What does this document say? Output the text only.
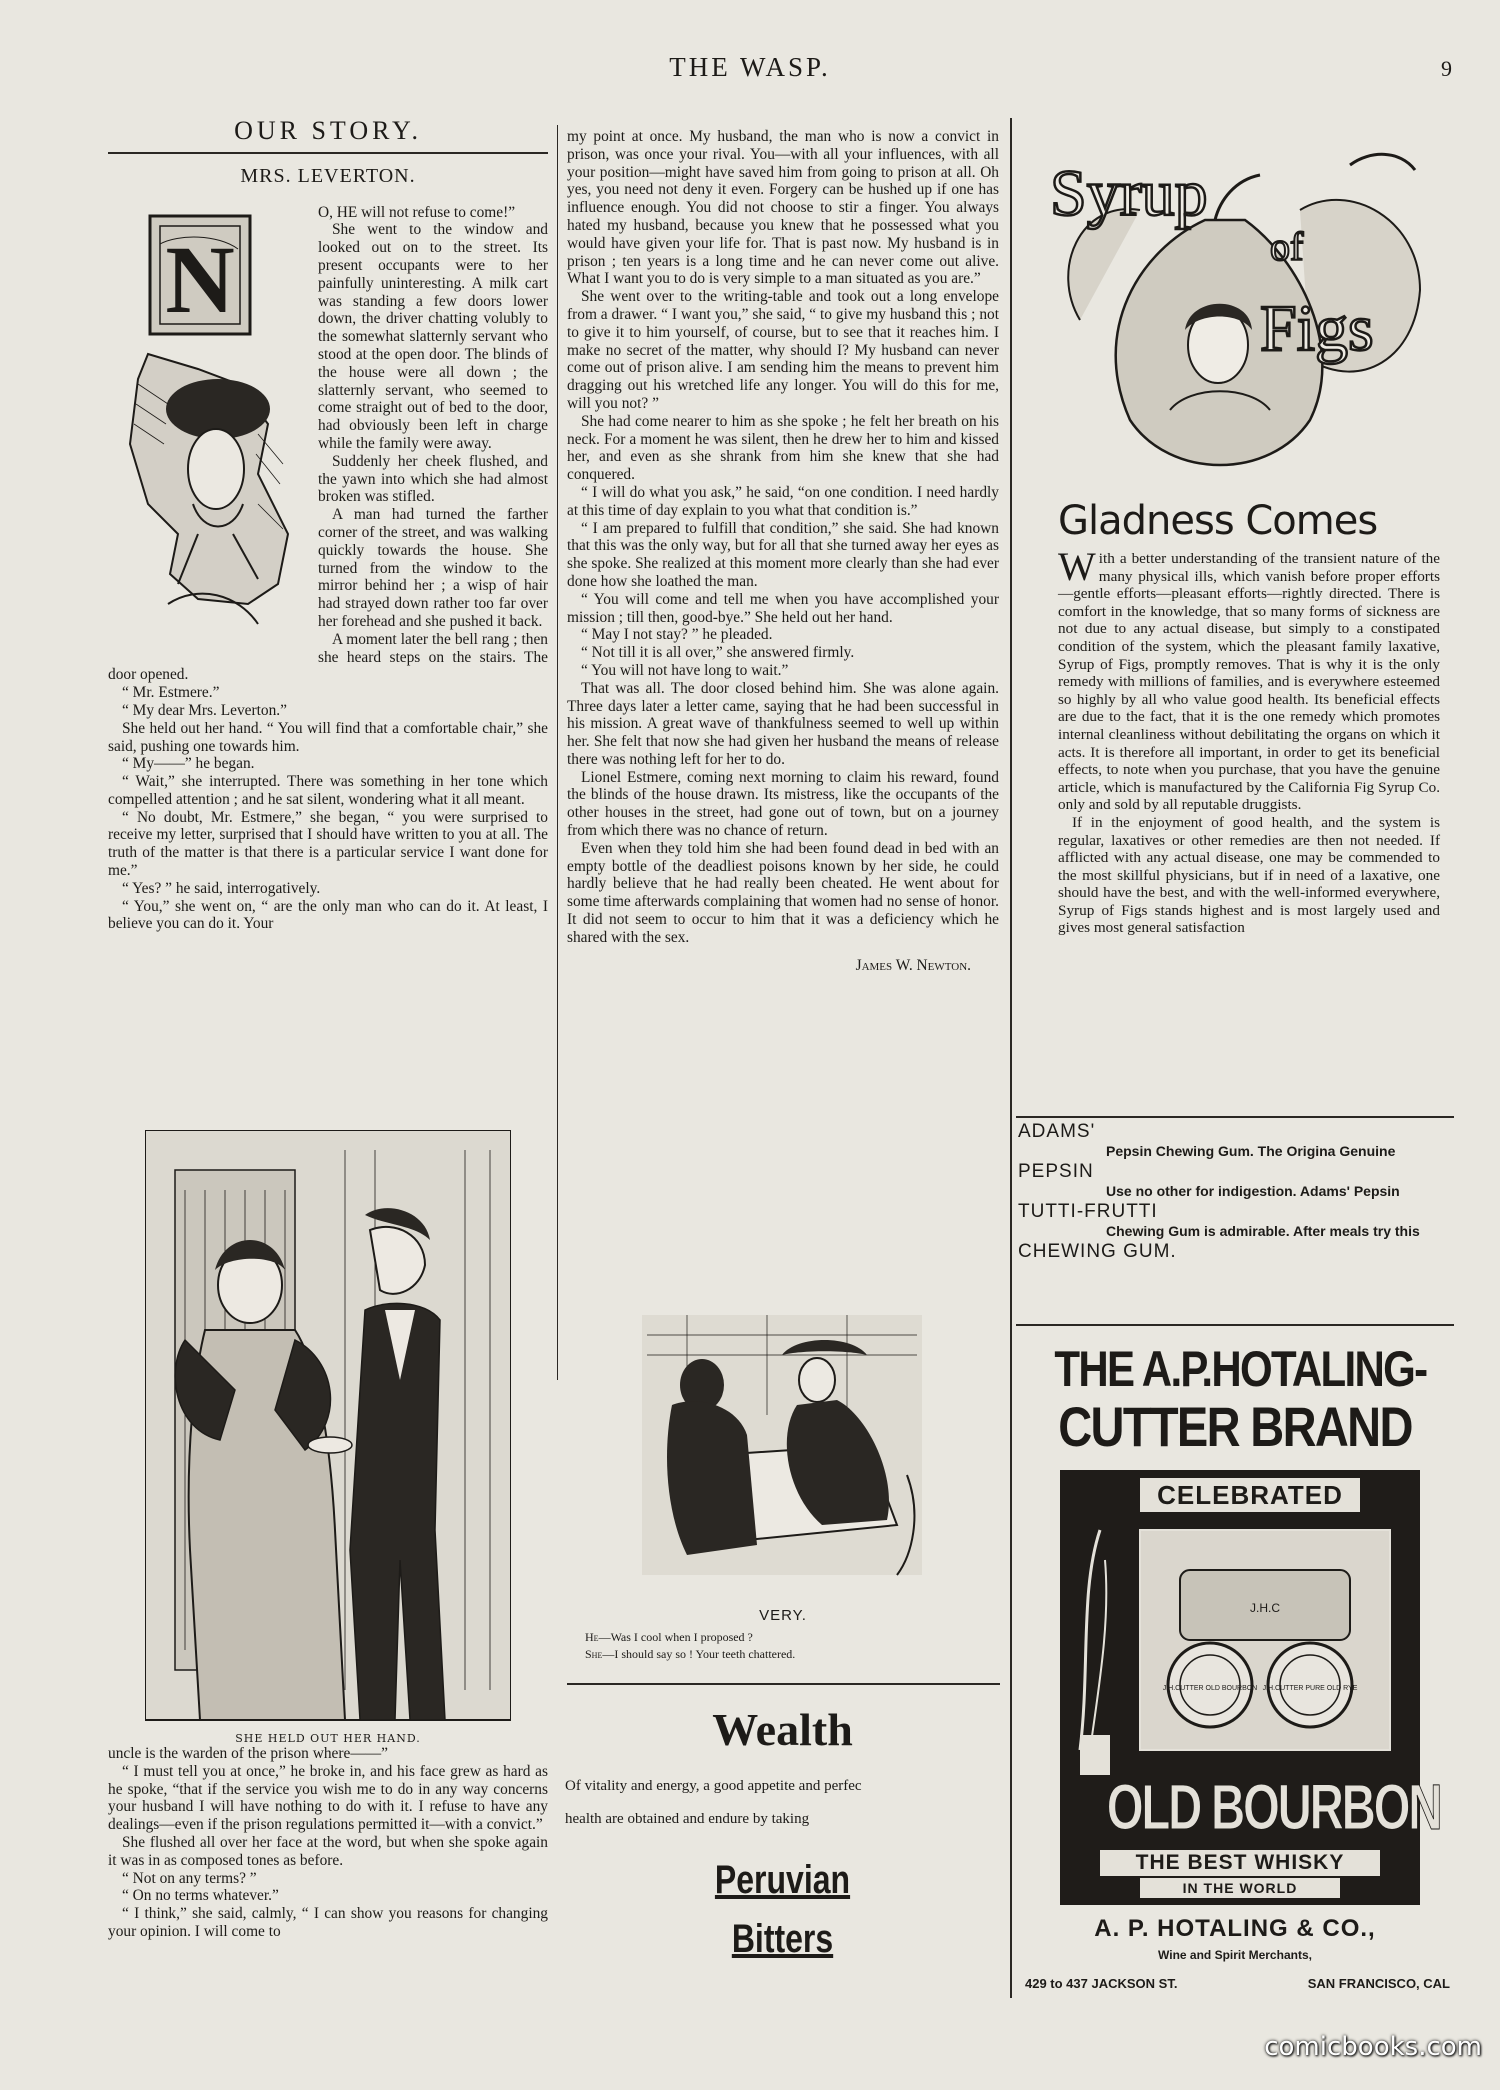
THE WASP.	9
OUR STORY.
MRS. LEVERTON.
N

O, HE will not refuse to come!”

She went to the window and looked out on to the street. Its present occupants were to her painfully uninteresting. A milk cart was standing a few doors lower down, the driver chatting volubly to the somewhat slatternly servant who stood at the open door. The blinds of the house were all down ; the slatternly servant, who seemed to come straight out of bed to the door, had obviously been left in charge while the family were away.

Suddenly her cheek flushed, and the yawn into which she had almost broken was stifled.

A man had turned the farther corner of the street, and was walking quickly towards the house. She turned from the window to the mirror behind her ; a wisp of hair had strayed down rather too far over her forehead and she pushed it back.

A moment later the bell rang ; then she heard steps on the stairs. The door opened.

“ Mr. Estmere.”

“ My dear Mrs. Leverton.”

She held out her hand. “ You will find that a comfortable chair,” she said, pushing one towards him.

“ My——” he began.

“ Wait,” she interrupted. There was something in her tone which compelled attention ; and he sat silent, wondering what it all meant.

“ No doubt, Mr. Estmere,” she began, “ you were surprised to receive my letter, surprised that I should have written to you at all. The truth of the matter is that there is a particular service I want done for me.”

“ Yes? ” he said, interrogatively.

“ You,” she went on, “ are the only man who can do it. At least, I believe you can do it. Your

SHE HELD OUT HER HAND.

uncle is the warden of the prison where——”

“ I must tell you at once,” he broke in, and his face grew as hard as he spoke, “that if the service you wish me to do in any way concerns your husband I will have nothing to do with it. I refuse to have any dealings—even if the prison regulations permitted it—with a convict.”

She flushed all over her face at the word, but when she spoke again it was in as composed tones as before.

“ Not on any terms? ”

“ On no terms whatever.”

“ I think,” she said, calmly, “ I can show you reasons for changing your opinion. I will come to

my point at once. My husband, the man who is now a convict in prison, was once your rival. You—with all your influences, with all your position—might have saved him from going to prison at all. Oh yes, you need not deny it even. Forgery can be hushed up if one has influence enough. You did not choose to stir a finger. You always hated my husband, because you knew that he possessed what you would have given your life for. That is past now. My husband is in prison ; ten years is a long time and he can never come out alive. What I want you to do is very simple to a man situated as you are.”

She went over to the writing-table and took out a long envelope from a drawer. “ I want you,” she said, “ to give my husband this ; not to give it to him yourself, of course, but to see that it reaches him. I make no secret of the matter, why should I? My husband can never come out of prison alive. I am sending him the means to prevent him dragging out his wretched life any longer. You will do this for me, will you not? ”

She had come nearer to him as she spoke ; he felt her breath on his neck. For a moment he was silent, then he drew her to him and kissed her, and even as she shrank from him she knew that she had conquered.

“ I will do what you ask,” he said, “on one condition. I need hardly at this time of day explain to you what that condition is.”

“ I am prepared to fulfill that condition,” she said. She had known that this was the only way, but for all that she turned away her eyes as she spoke. She realized at this moment more clearly than she had ever done how she loathed the man.

“ You will come and tell me when you have accomplished your mission ; till then, good-bye.” She held out her hand.

“ May I not stay? ” he pleaded.

“ Not till it is all over,” she answered firmly.

“ You will not have long to wait.”

That was all. The door closed behind him. She was alone again. Three days later a letter came, saying that he had been successful in his mission. A great wave of thankfulness seemed to well up within her. She felt that now she had given her husband the means of release there was nothing left for her to do.

Lionel Estmere, coming next morning to claim his reward, found the blinds of the house drawn. Its mistress, like the occupants of the other houses in the street, had gone out of town, but on a journey from which there was no chance of return.

Even when they told him she had been found dead in bed with an empty bottle of the deadliest poisons known by her side, he could hardly believe that he had really been cheated. He went about for some time afterwards complaining that women had no sense of honor. It did not seem to occur to him that it was a deficiency which he shared with the sex.

James W. Newton.
VERY.
He—Was I cool when I proposed ?
She—I should say so ! Your teeth chattered.
Wealth
Of vitality and energy, a good appetite and perfec
health are obtained and endure by taking
Peruvian
Bitters
Syrup
of
Figs
Gladness Comes
W ith a better understanding of the transient nature of the many physical ills, which vanish before proper efforts—gentle efforts—pleasant efforts—rightly directed. There is comfort in the knowledge, that so many forms of sickness are not due to any actual disease, but simply to a constipated condition of the system, which the pleasant family laxative, Syrup of Figs, promptly removes. That is why it is the only remedy with millions of families, and is everywhere esteemed so highly by all who value good health. Its beneficial effects are due to the fact, that it is the one remedy which promotes internal cleanliness without debilitating the organs on which it acts. It is therefore all important, in order to get its beneficial effects, to note when you purchase, that you have the genuine article, which is manufactured by the California Fig Syrup Co. only and sold by all reputable druggists.
If in the enjoyment of good health, and the system is regular, laxatives or other remedies are then not needed. If afflicted with any actual disease, one may be commended to the most skillful physicians, but if in need of a laxative, one should have the best, and with the well-informed everywhere, Syrup of Figs stands highest and is most largely used and gives most general satisfaction
ADAMS'
Pepsin Chewing Gum. The Origina Genuine
PEPSIN
Use no other for indigestion. Adams' Pepsin
TUTTI-FRUTTI
Chewing Gum is admirable. After meals try this
CHEWING GUM.
THE A.P.HOTALING-
CUTTER BRAND
CELEBRATED
J.H.C
J.H.CUTTER OLD BOURBON J.H.CUTTER PURE OLD RYE
OLD BOURBON
THE BEST WHISKY
IN THE WORLD
A. P. HOTALING & CO.,
Wine and Spirit Merchants,
429 to 437 JACKSON ST.	SAN FRANCISCO, CAL
comicbooks.com
